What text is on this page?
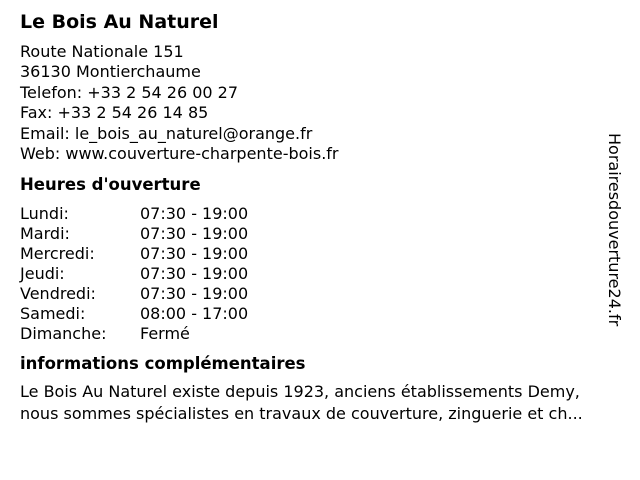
Le Bois Au Naturel
Route Nationale 151
36130 Montierchaume
Telefon: +33 2 54 26 00 27
Fax: +33 2 54 26 14 85
Email: le_bois_au_naturel@orange.fr
Web: www.couverture-charpente-bois.fr
Heures d'ouverture
Lundi:	07:30 - 19:00
Mardi:	07:30 - 19:00
Mercredi:	07:30 - 19:00
Jeudi:	07:30 - 19:00
Vendredi:	07:30 - 19:00
Samedi:	08:00 - 17:00
Dimanche:	Fermé
informations complémentaires
Le Bois Au Naturel existe depuis 1923, anciens établissements Demy,
nous sommes spécialistes en travaux de couverture, zinguerie et ch...
Horairesdouverture24.fr
